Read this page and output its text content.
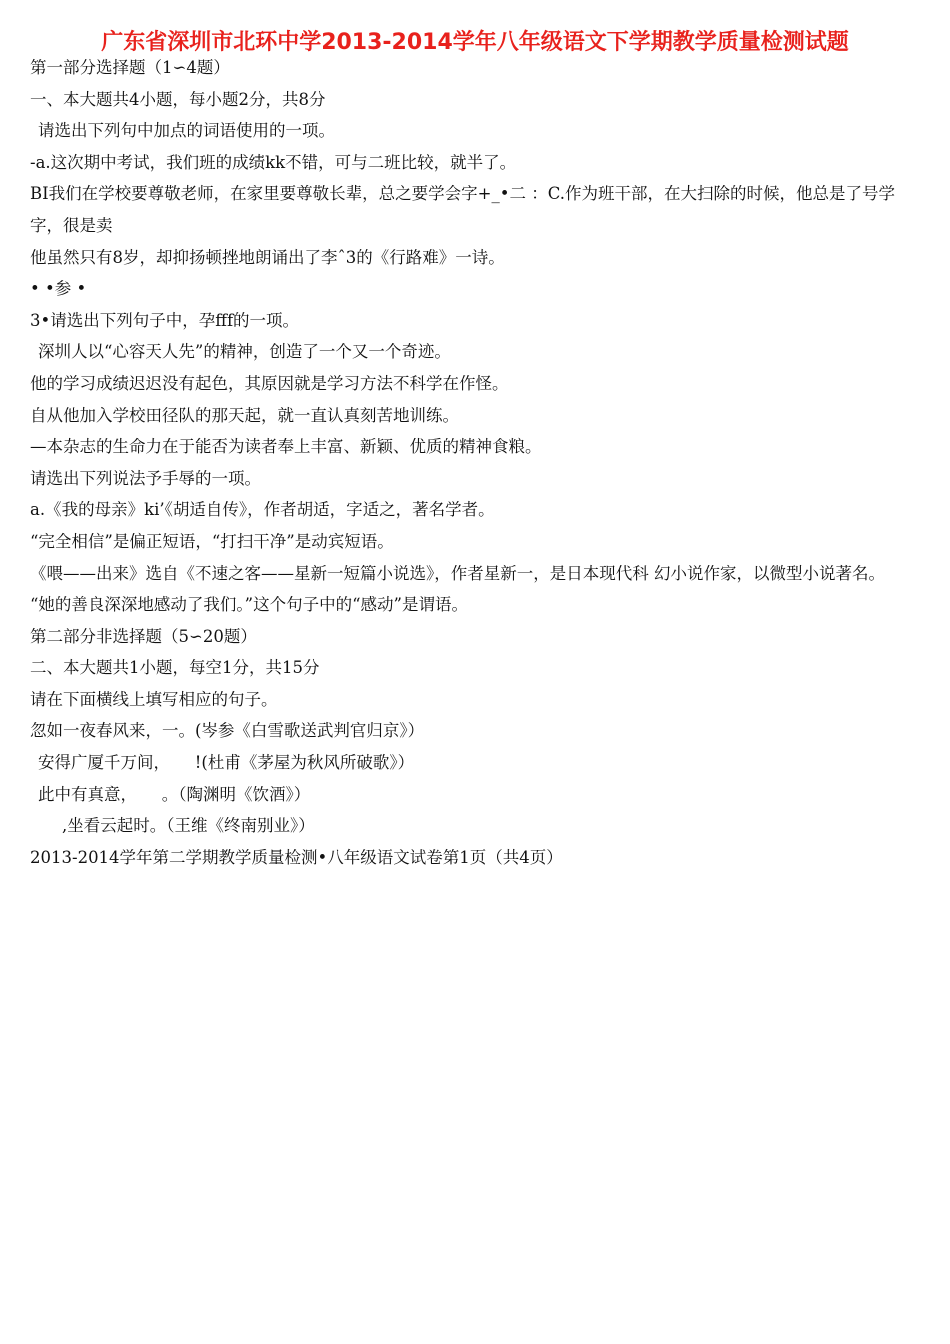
广东省深圳市北环中学2013-2014学年八年级语文下学期教学质量检测试题
第一部分选择题（1∽4题）
一、本大题共4小题，每小题2分，共8分
请选出下列句中加点的词语使用的一项。
-a.这次期中考试，我们班的成绩kk不错，可与二班比较，就半了。
BI我们在学校要尊敬老师，在家里要尊敬长辈，总之要学会字+_•二 ：C.作为班干部，在大扫除的时候，他总是了号学字，很是卖
他虽然只有8岁，却抑扬顿挫地朗诵出了李ˆ3的《行路难》一诗。
• •参 •
3•请选出下列句子中，孕fff的一项。
深圳人以“心容天人先”的精神，创造了一个又一个奇迹。
他的学习成绩迟迟没有起色，其原因就是学习方法不科学在作怪。
自从他加入学校田径队的那天起，就一直认真刻苦地训练。
—本杂志的生命力在于能否为读者奉上丰富、新颖、优质的精神食粮。
请选出下列说法予手辱的一项。
a.《我的母亲》ki’《胡适自传》，作者胡适，字适之，著名学者。
“完全相信”是偏正短语，“打扫干净”是动宾短语。
《喂——出来》选自《不速之客——星新一短篇小说选》，作者星新一，是日本现代科 幻小说作家，以微型小说著名。
“她的善良深深地感动了我们。”这个句子中的“感动”是谓语。
第二部分非选择题（5∽20题）
二、本大题共1小题，每空1分，共15分
请在下面横线上填写相应的句子。
忽如一夜春风来，一。(岑参《白雪歌送武判官归京》）
安得广厦千万间，　　!(杜甫《茅屋为秋风所破歌》）
此中有真意，　　。（陶渊明《饮酒》）
,坐看云起时。（王维《终南别业》）
2013-2014学年第二学期教学质量检测•八年级语文试卷第1页（共4页）
